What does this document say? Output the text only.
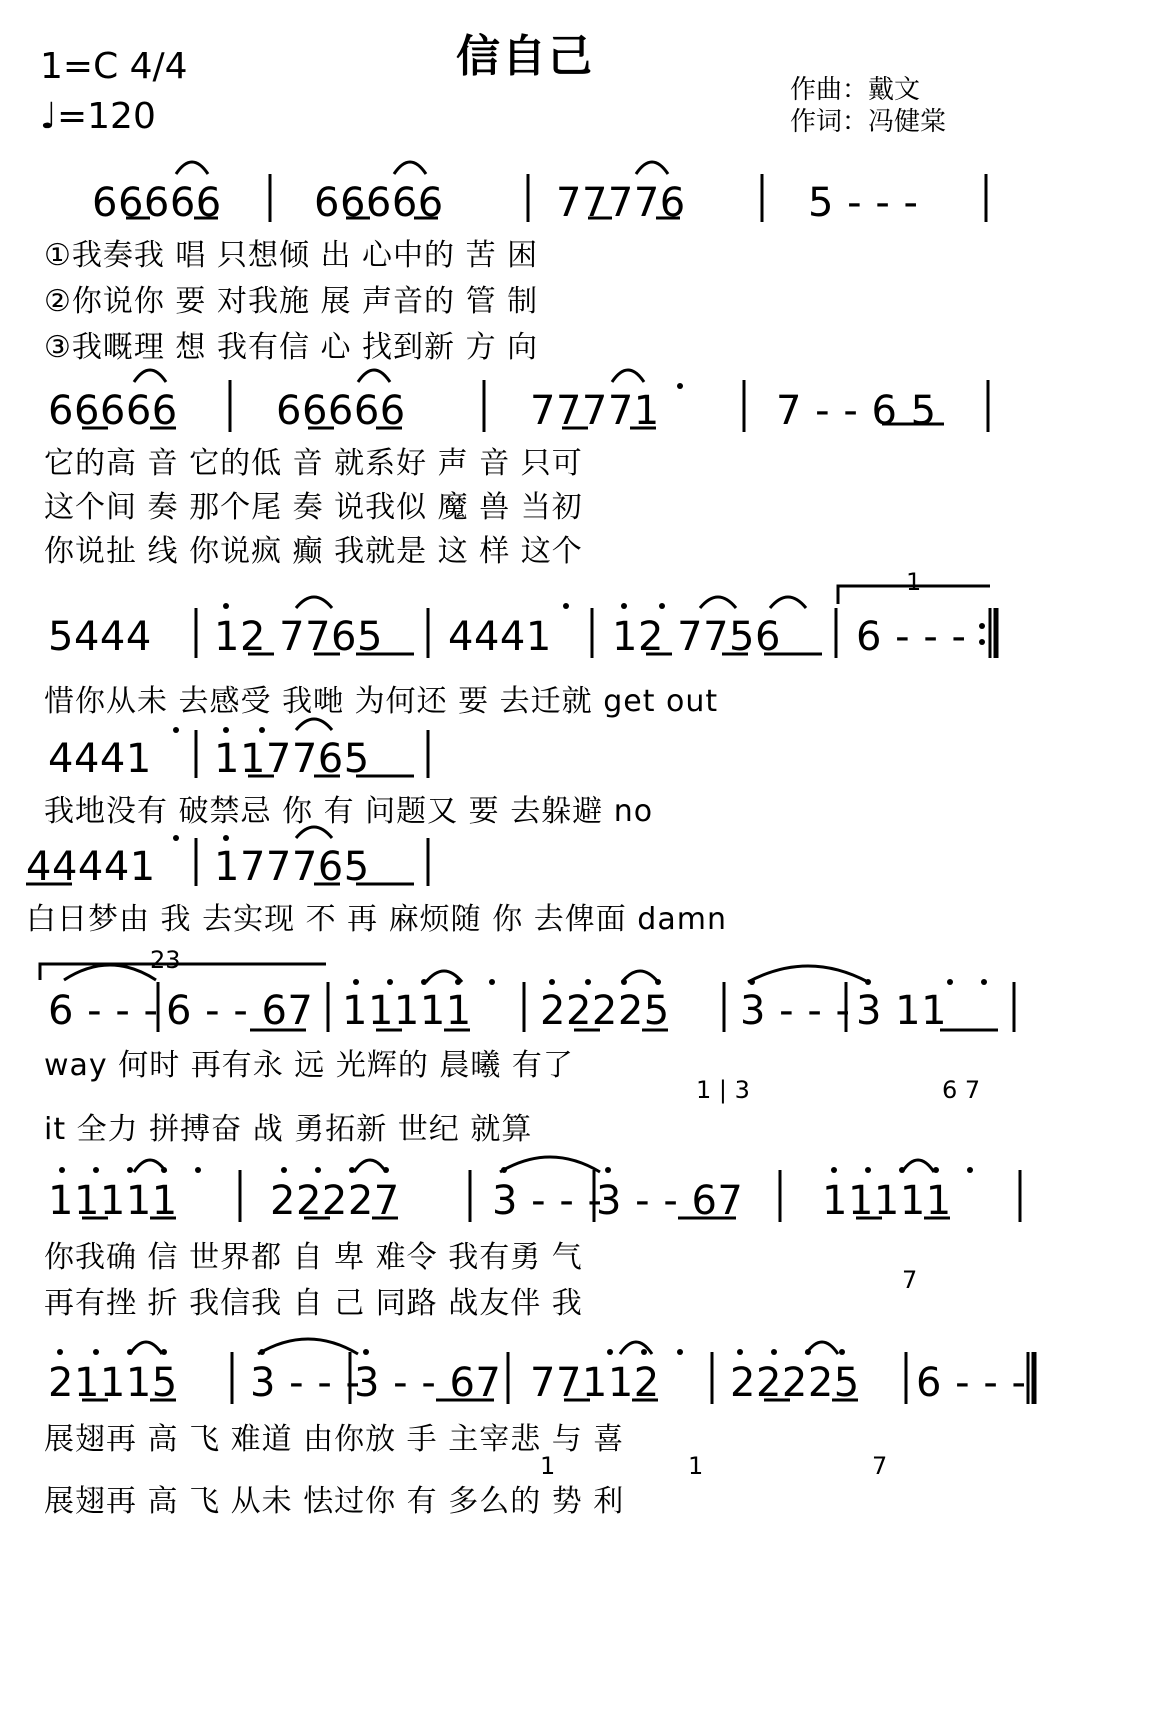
信自己
1=C 4/4
♩=120
作曲：戴文
作词：冯健棠
66666 66666	77776	5 - - -
①我奏我 唱 只想倾 出 心中的 苦 困
②你说你 要 对我施 展 声音的 管 制
③我嘅理 想 我有信 心 找到新 方 向
66666 66666	77771	7 - - 6 5
它的高 音 它的低 音 就系好 声 音 只可
这个间 奏 那个尾 奏 说我似 魔 兽 当初
你说扯 线 你说疯 癫 我就是 这 样 这个
1
5444 12 7765 4441 12 7756 6 - - -
惜你从未 去感受 我哋 为何还 要 去迁就 get out
4441 117765
我地没有 破禁忌 你 有 问题又 要 去躲避 no
44441 177765
白日梦由 我 去实现 不 再 麻烦随 你 去俾面 damn
23
6 - - - 6 - - 67 11111 22225 3 - - - 3 11
way 何时 再有永 远 光辉的 晨曦 有了
it 全力 拼搏奋 战 勇拓新 世纪 就算
1 | 3	6 7
11111 22227 3 - - -
3 - - 67 11111
你我确 信 世界都 自 卑 难令 我有勇 气
再有挫 折 我信我 自 己 同路 战友伴 我
7
21115 3 - - -
3 - - 67 77112 22225 6 - - -
展翅再 高 飞 难道 由你放 手 主宰悲 与 喜
展翅再 高 飞 从未 怯过你 有 多么的 势 利
1	1	7
